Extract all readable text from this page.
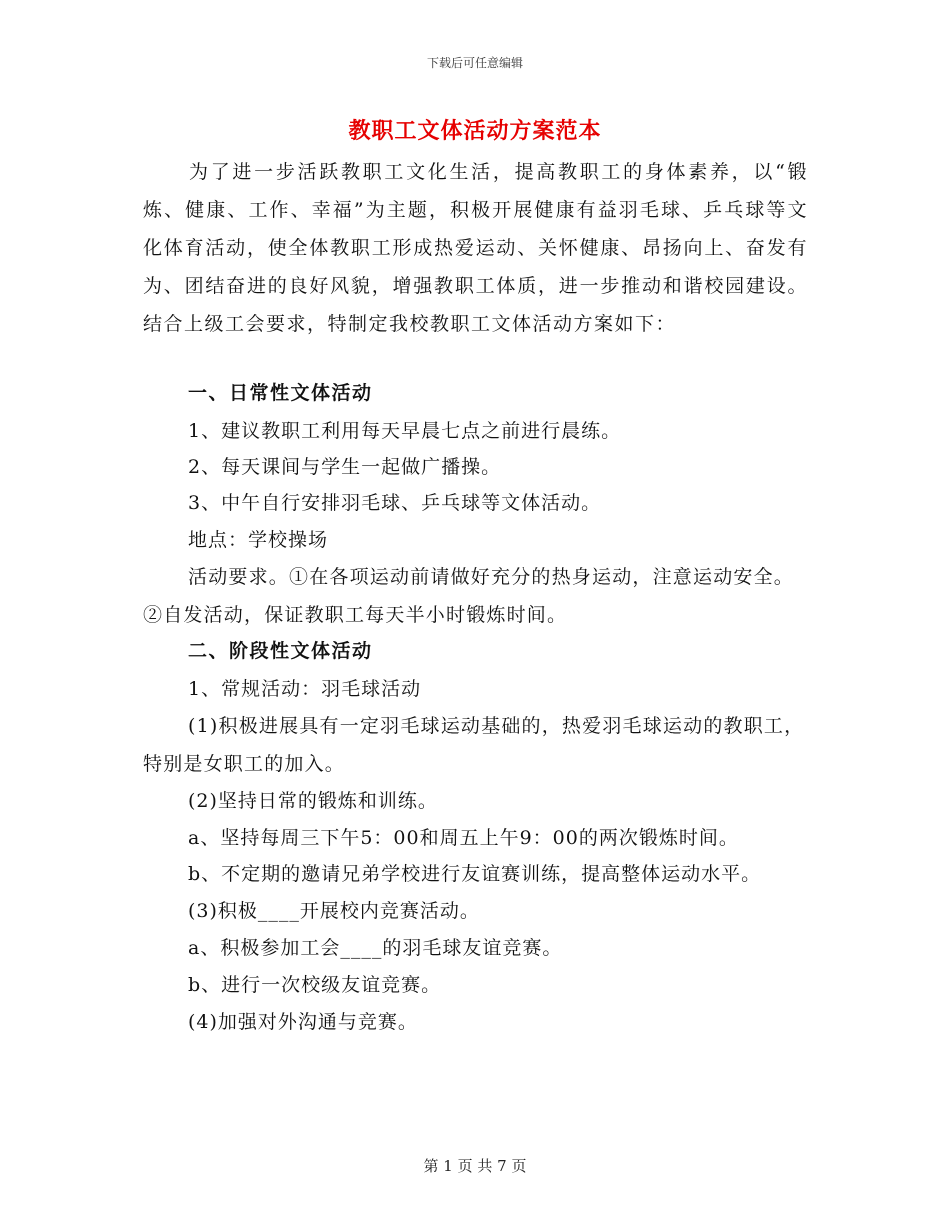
下载后可任意编辑
教职工文体活动方案范本

为了进一步活跃教职工文化生活，提高教职工的身体素养，以“锻炼、健康、工作、幸福”为主题，积极开展健康有益羽毛球、乒乓球等文化体育活动，使全体教职工形成热爱运动、关怀健康、昂扬向上、奋发有为、团结奋进的良好风貌，增强教职工体质，进一步推动和谐校园建设。结合上级工会要求，特制定我校教职工文体活动方案如下：

一、日常性文体活动
1、建议教职工利用每天早晨七点之前进行晨练。
2、每天课间与学生一起做广播操。
3、中午自行安排羽毛球、乒乓球等文体活动。
地点：学校操场

活动要求。①在各项运动前请做好充分的热身运动，注意运动安全。②自发活动，保证教职工每天半小时锻炼时间。

二、阶段性文体活动
1、常规活动：羽毛球活动

(1)积极进展具有一定羽毛球运动基础的，热爱羽毛球运动的教职工，特别是女职工的加入。

(2)坚持日常的锻炼和训练。
a、坚持每周三下午5：00和周五上午9：00的两次锻炼时间。
b、不定期的邀请兄弟学校进行友谊赛训练，提高整体运动水平。
(3)积极____开展校内竞赛活动。
a、积极参加工会____的羽毛球友谊竞赛。
b、进行一次校级友谊竞赛。
(4)加强对外沟通与竞赛。
第 1 页 共 7 页
